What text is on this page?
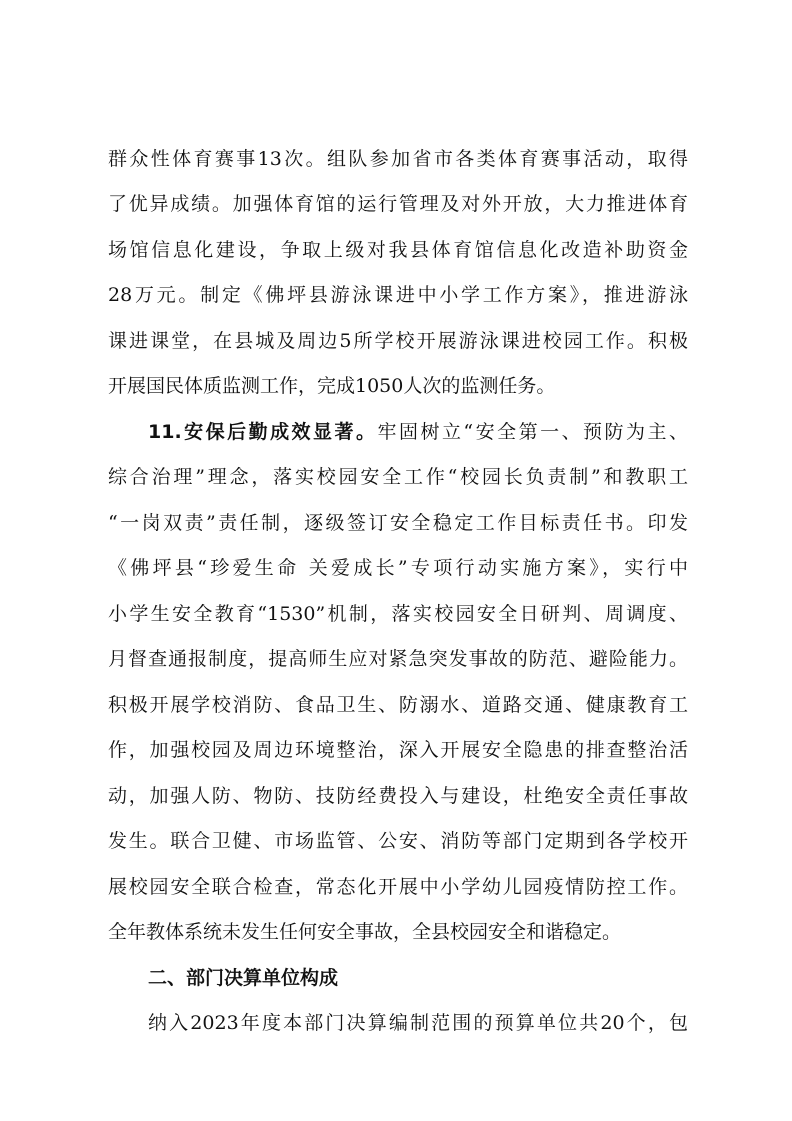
群众性体育赛事13次。组队参加省市各类体育赛事活动，取得
了优异成绩。加强体育馆的运行管理及对外开放，大力推进体育
场馆信息化建设，争取上级对我县体育馆信息化改造补助资金
28万元。制定《佛坪县游泳课进中小学工作方案》，推进游泳
课进课堂，在县城及周边5所学校开展游泳课进校园工作。积极
开展国民体质监测工作，完成1050人次的监测任务。
11.安保后勤成效显著。牢固树立“安全第一、预防为主、
综合治理”理念，落实校园安全工作“校园长负责制”和教职工
“一岗双责”责任制，逐级签订安全稳定工作目标责任书。印发
《佛坪县“珍爱生命 关爱成长”专项行动实施方案》，实行中
小学生安全教育“1530”机制，落实校园安全日研判、周调度、
月督查通报制度，提高师生应对紧急突发事故的防范、避险能力。
积极开展学校消防、食品卫生、防溺水、道路交通、健康教育工
作，加强校园及周边环境整治，深入开展安全隐患的排查整治活
动，加强人防、物防、技防经费投入与建设，杜绝安全责任事故
发生。联合卫健、市场监管、公安、消防等部门定期到各学校开
展校园安全联合检查，常态化开展中小学幼儿园疫情防控工作。
全年教体系统未发生任何安全事故，全县校园安全和谐稳定。
二、部门决算单位构成
纳入2023年度本部门决算编制范围的预算单位共20个，包
